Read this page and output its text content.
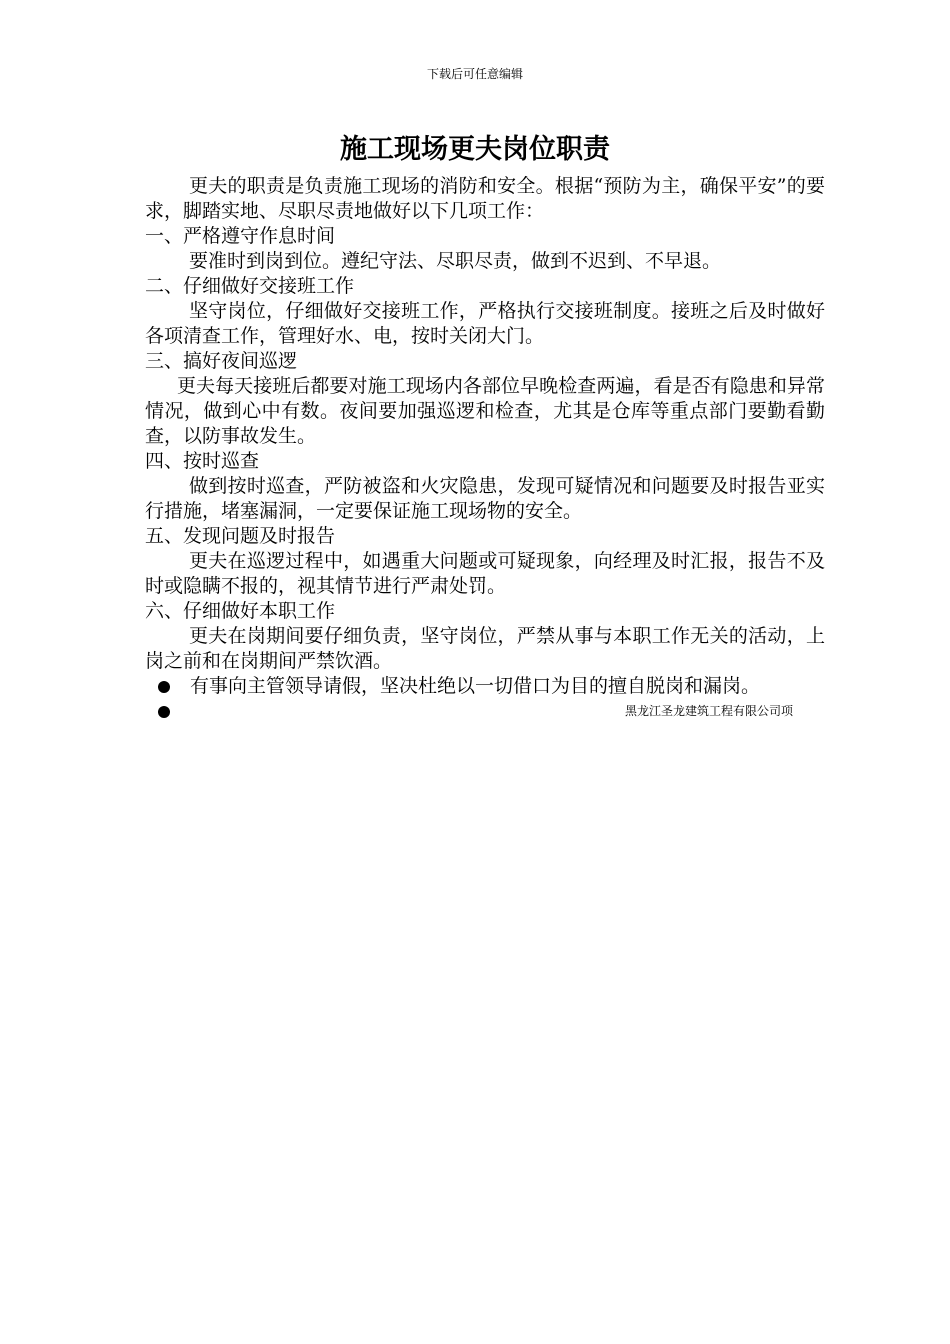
下载后可任意编辑
施工现场更夫岗位职责

更夫的职责是负责施工现场的消防和安全。根据“预防为主，确保平安”的要求，脚踏实地、尽职尽责地做好以下几项工作：

一、严格遵守作息时间

要准时到岗到位。遵纪守法、尽职尽责，做到不迟到、不早退。

二、仔细做好交接班工作

坚守岗位，仔细做好交接班工作，严格执行交接班制度。接班之后及时做好各项清查工作，管理好水、电，按时关闭大门。

三、搞好夜间巡逻

更夫每天接班后都要对施工现场内各部位早晚检查两遍，看是否有隐患和异常情况，做到心中有数。夜间要加强巡逻和检查，尤其是仓库等重点部门要勤看勤查，以防事故发生。

四、按时巡查

做到按时巡查，严防被盗和火灾隐患，发现可疑情况和问题要及时报告亚实行措施，堵塞漏洞，一定要保证施工现场物的安全。

五、发现问题及时报告

更夫在巡逻过程中，如遇重大问题或可疑现象，向经理及时汇报，报告不及时或隐瞒不报的，视其情节进行严肃处罚。

六、仔细做好本职工作

更夫在岗期间要仔细负责，坚守岗位，严禁从事与本职工作无关的活动，上岗之前和在岗期间严禁饮酒。

有事向主管领导请假，坚决杜绝以一切借口为目的擅自脱岗和漏岗。
黑龙江圣龙建筑工程有限公司项
